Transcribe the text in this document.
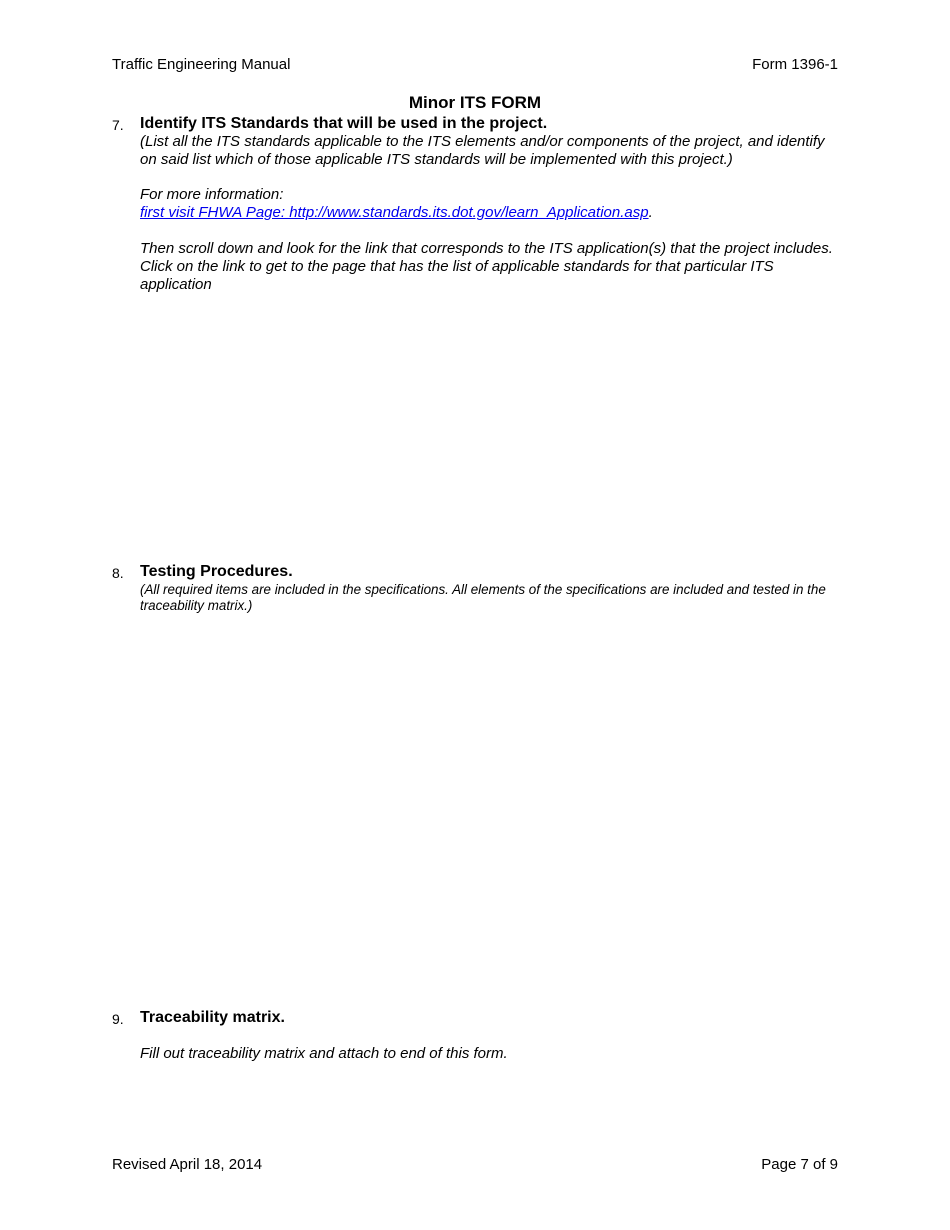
Traffic Engineering Manual	Form 1396-1
Minor ITS FORM
7. Identify ITS Standards that will be used in the project.
(List all the ITS standards applicable to the ITS elements and/or components of the project, and identify on said list which of those applicable ITS standards will be implemented with this project.)
For more information:
first visit FHWA Page: http://www.standards.its.dot.gov/learn_Application.asp.
Then scroll down and look for the link that corresponds to the ITS application(s) that the project includes. Click on the link to get to the page that has the list of applicable standards for that particular ITS application
8. Testing Procedures.
(All required items are included in the specifications. All elements of the specifications are included and tested in the traceability matrix.)
9. Traceability matrix.
Fill out traceability matrix and attach to end of this form.
Revised April 18, 2014	Page 7 of 9
